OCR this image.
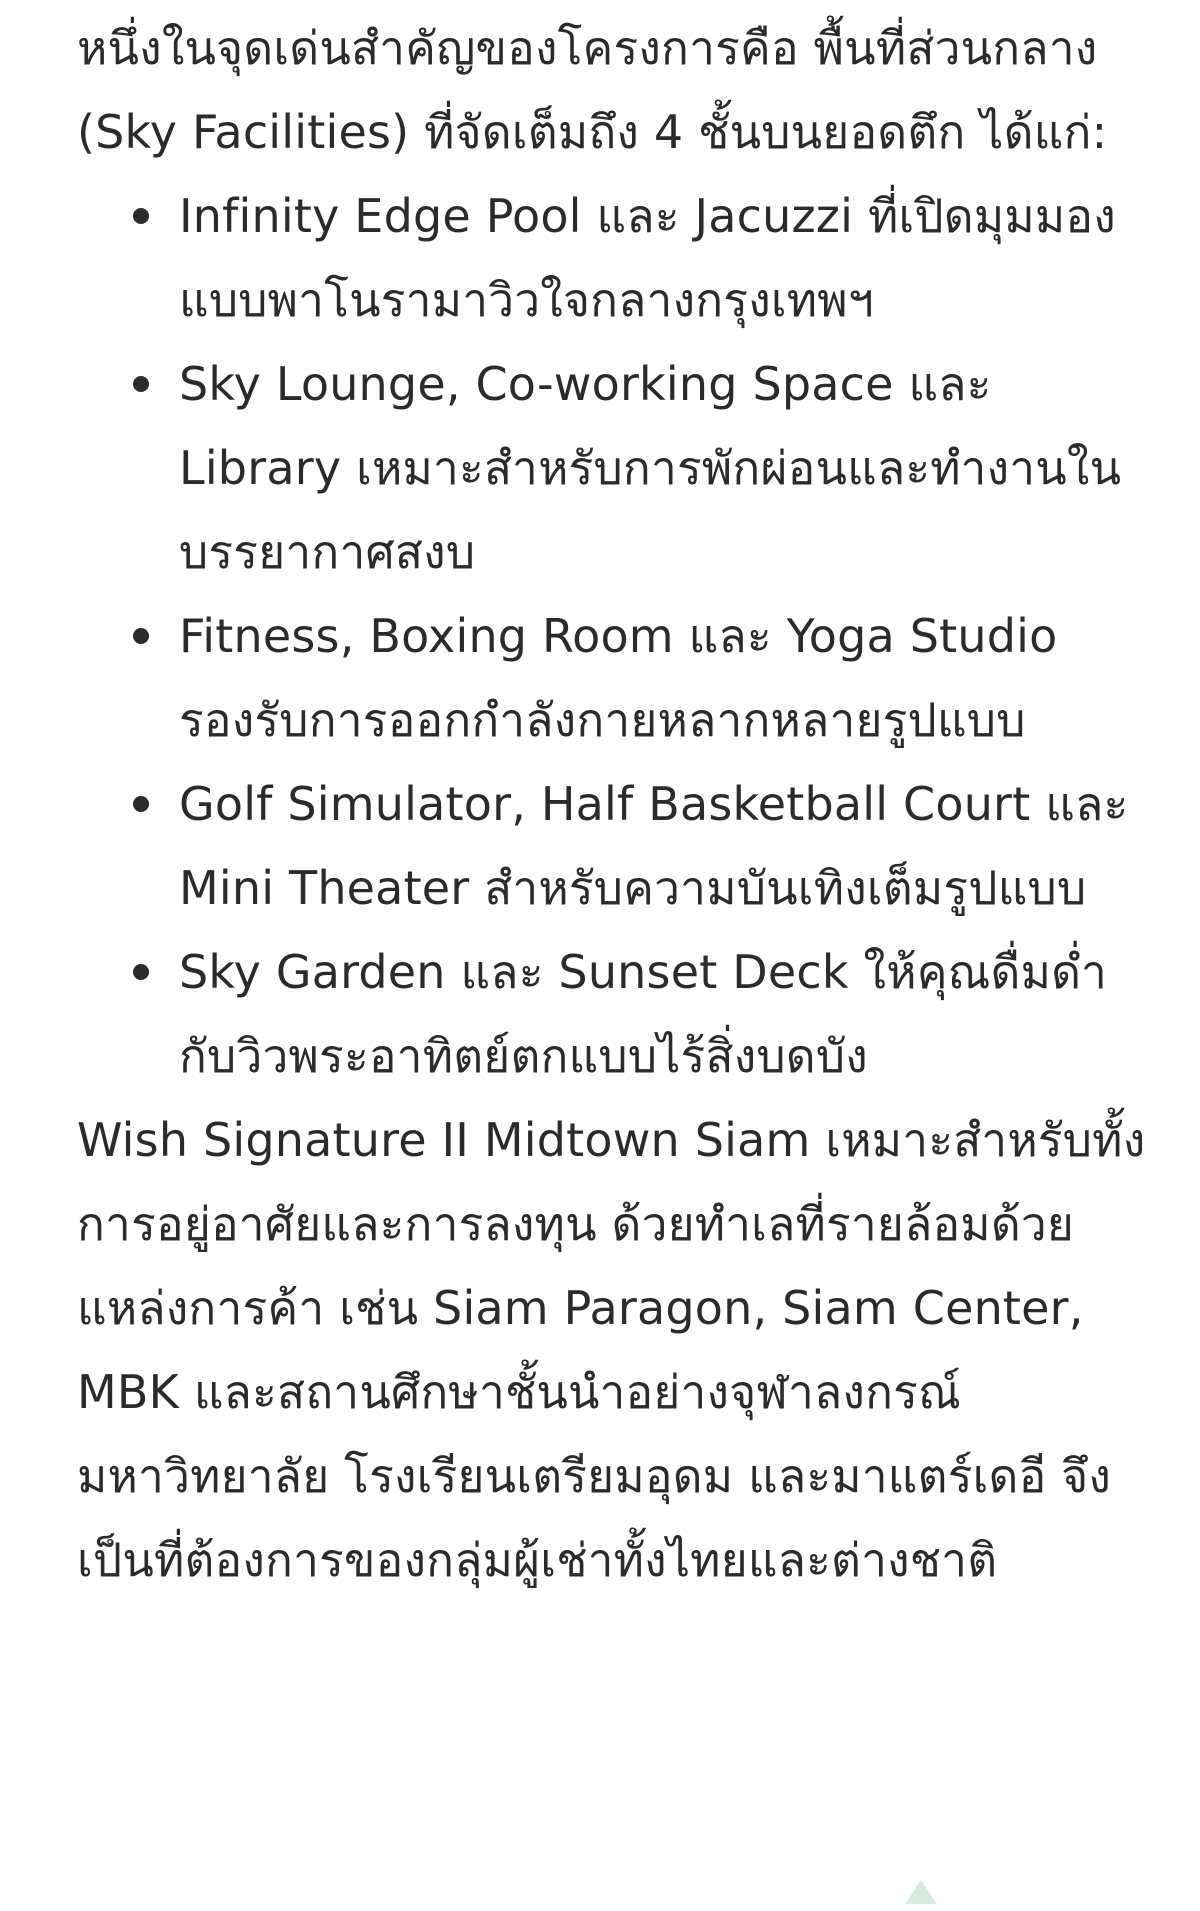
หนึ่งในจุดเด่นสำคัญของโครงการคือ พื้นที่ส่วนกลาง (Sky Facilities) ที่จัดเต็มถึง 4 ชั้นบนยอดตึก ได้แก่:

Infinity Edge Pool และ Jacuzzi ที่เปิดมุมมองแบบพาโนรามาวิวใจกลางกรุงเทพฯ
Sky Lounge, Co-working Space และ Library เหมาะสำหรับการพักผ่อนและทำงานในบรรยากาศสงบ
Fitness, Boxing Room และ Yoga Studio รองรับการออกกำลังกายหลากหลายรูปแบบ
Golf Simulator, Half Basketball Court และ Mini Theater สำหรับความบันเทิงเต็มรูปแบบ
Sky Garden และ Sunset Deck ให้คุณดื่มด่ำกับวิวพระอาทิตย์ตกแบบไร้สิ่งบดบัง

Wish Signature II Midtown Siam เหมาะสำหรับทั้งการอยู่อาศัยและการลงทุน ด้วยทำเลที่รายล้อมด้วยแหล่งการค้า เช่น Siam Paragon, Siam Center, MBK และสถานศึกษาชั้นนำอย่างจุฬาลงกรณ์มหาวิทยาลัย โรงเรียนเตรียมอุดม และมาแตร์เดอี จึงเป็นที่ต้องการของกลุ่มผู้เช่าทั้งไทยและต่างชาติ
